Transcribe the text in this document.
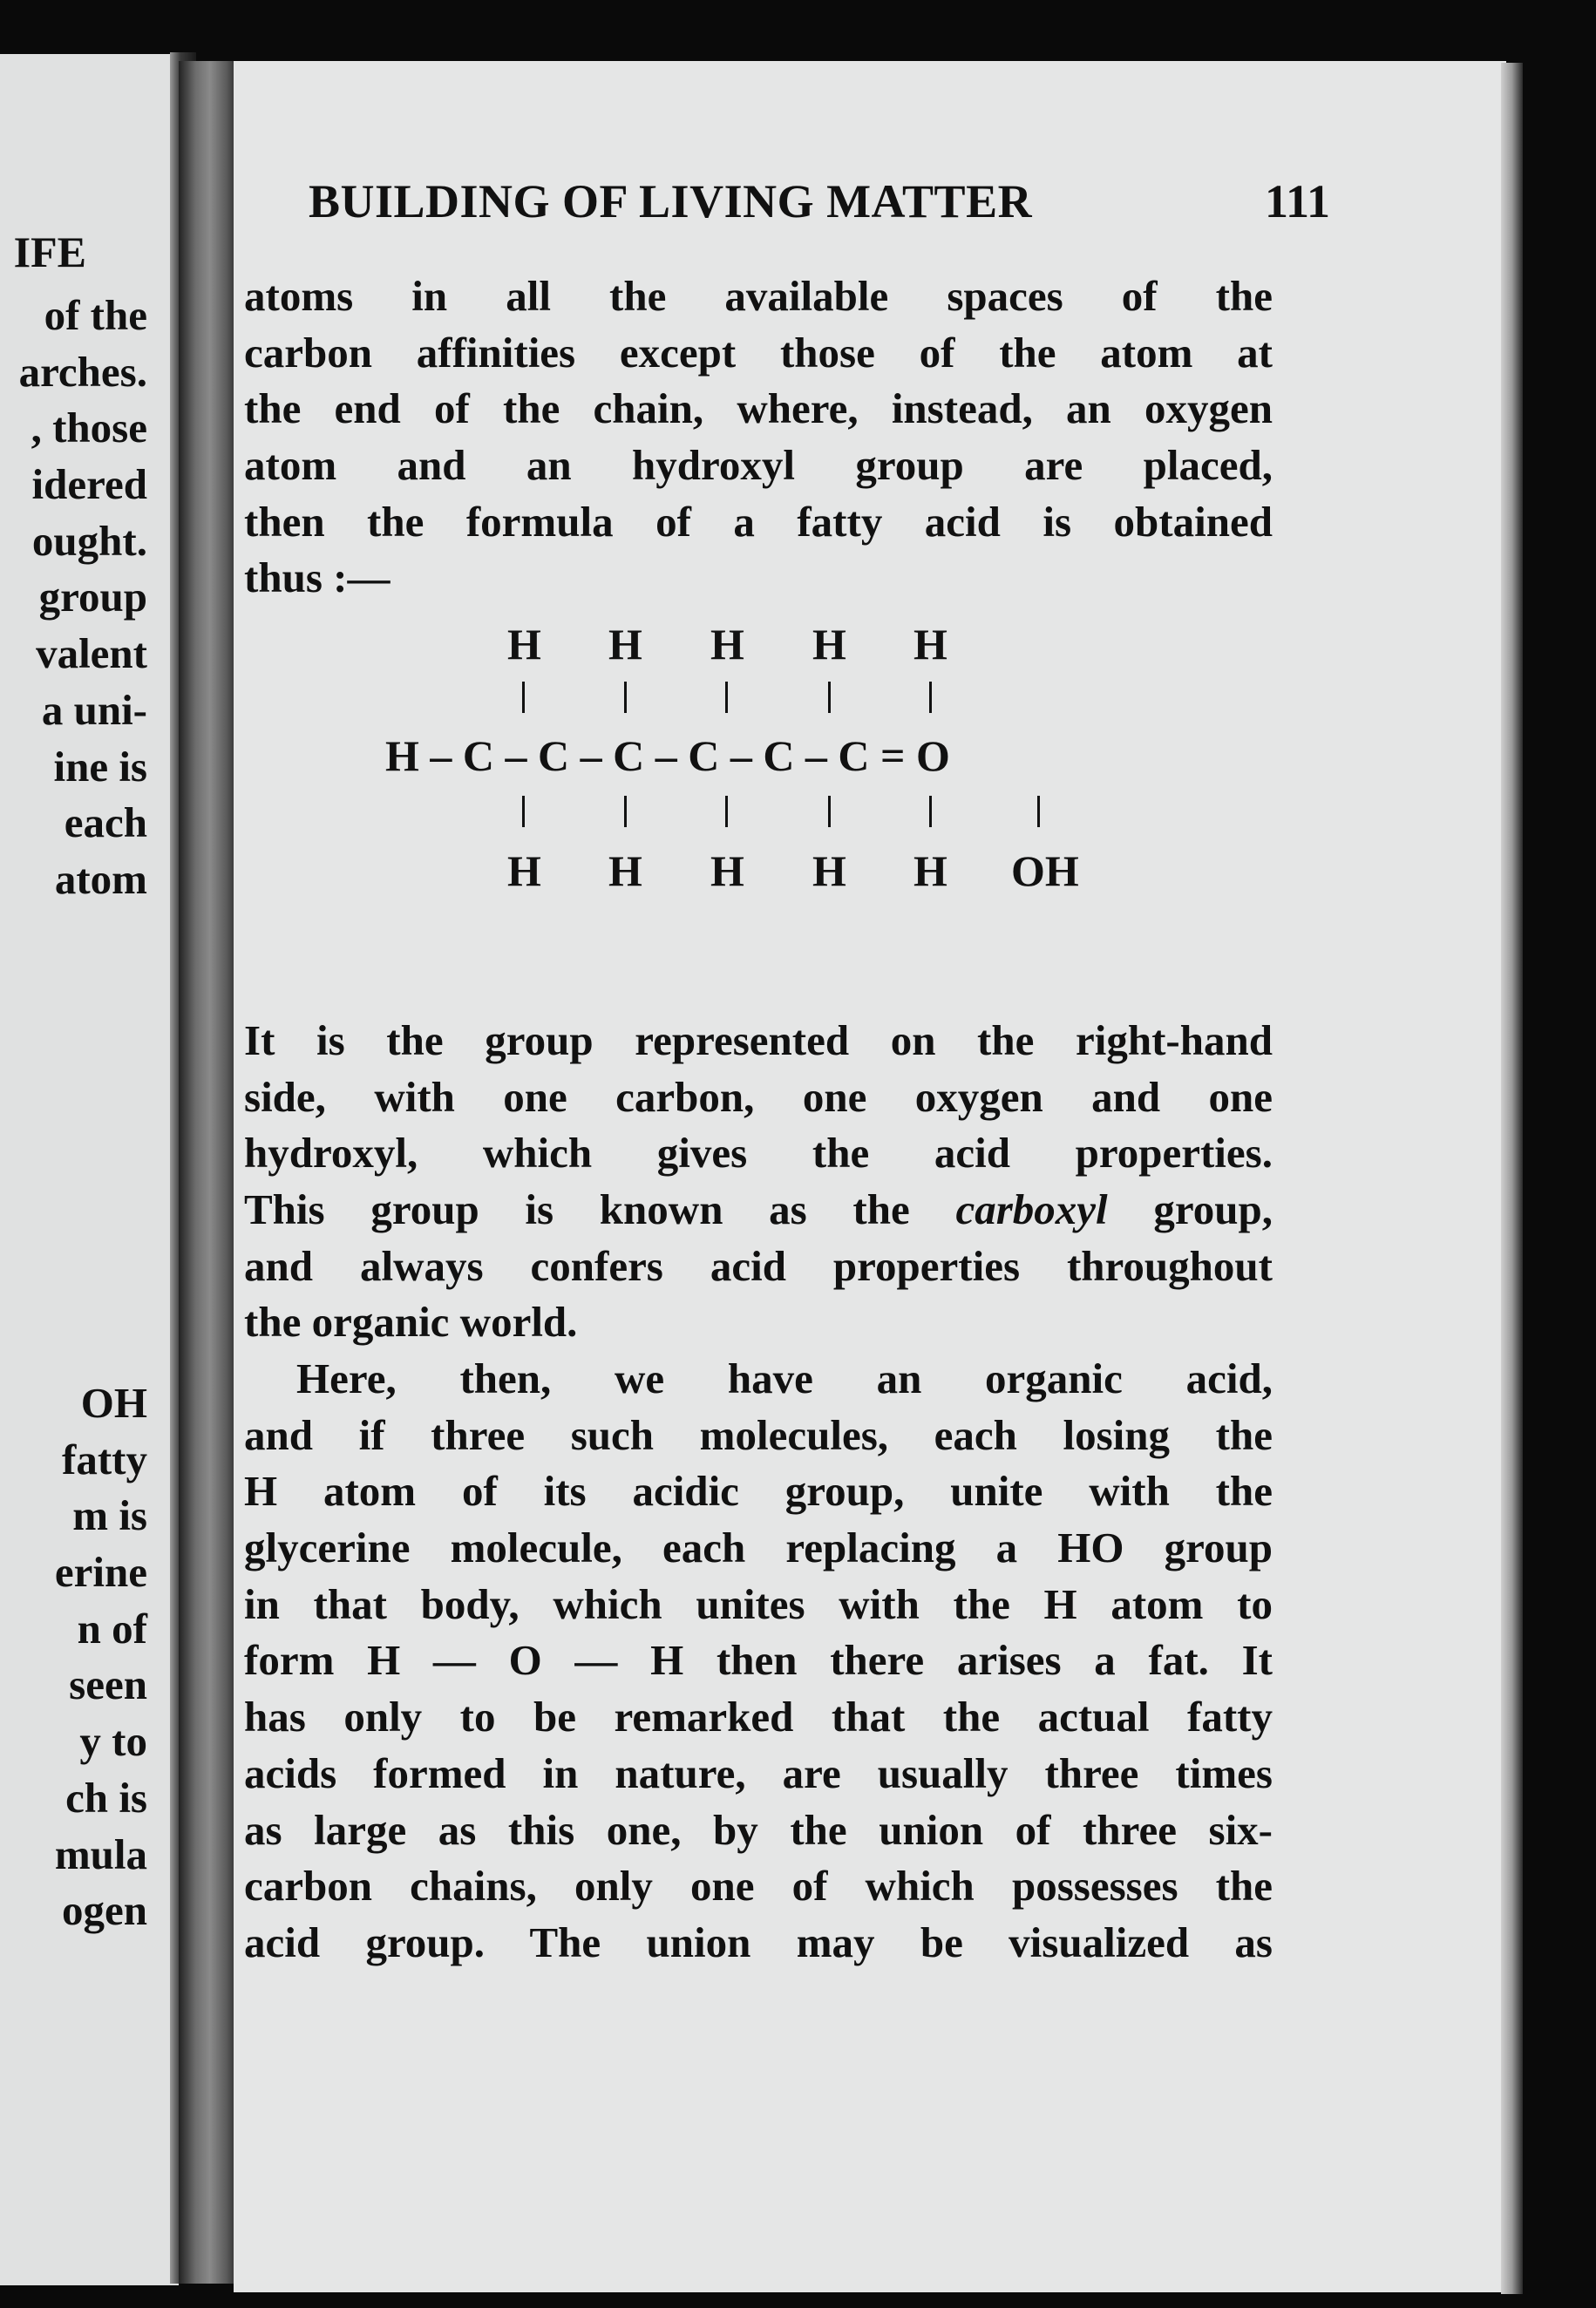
IFE
of the
arches.
, those
idered
ought.
group
valent
a uni-
ine is
each
atom
OH
fatty
m is
erine
n of
seen
y to
ch is
mula
ogen
BUILDING OF LIVING MATTER	111
atoms in all the available spaces of the
carbon affinities except those of the atom at
the end of the chain, where, instead, an oxygen
atom and an hydroxyl group are placed,
then the formula of a fatty acid is obtained
thus :—
H H H H H
H – C – C – C – C – C – C = O
H H H H H OH
It is the group represented on the right-hand
side, with one carbon, one oxygen and one
hydroxyl, which gives the acid properties.
This group is known as the carboxyl group,
and always confers acid properties throughout
the organic world.
Here, then, we have an organic acid,
and if three such molecules, each losing the
H atom of its acidic group, unite with the
glycerine molecule, each replacing a HO group
in that body, which unites with the H atom to
form H — O — H then there arises a fat. It
has only to be remarked that the actual fatty
acids formed in nature, are usually three times
as large as this one, by the union of three six-
carbon chains, only one of which possesses the
acid group. The union may be visualized as
